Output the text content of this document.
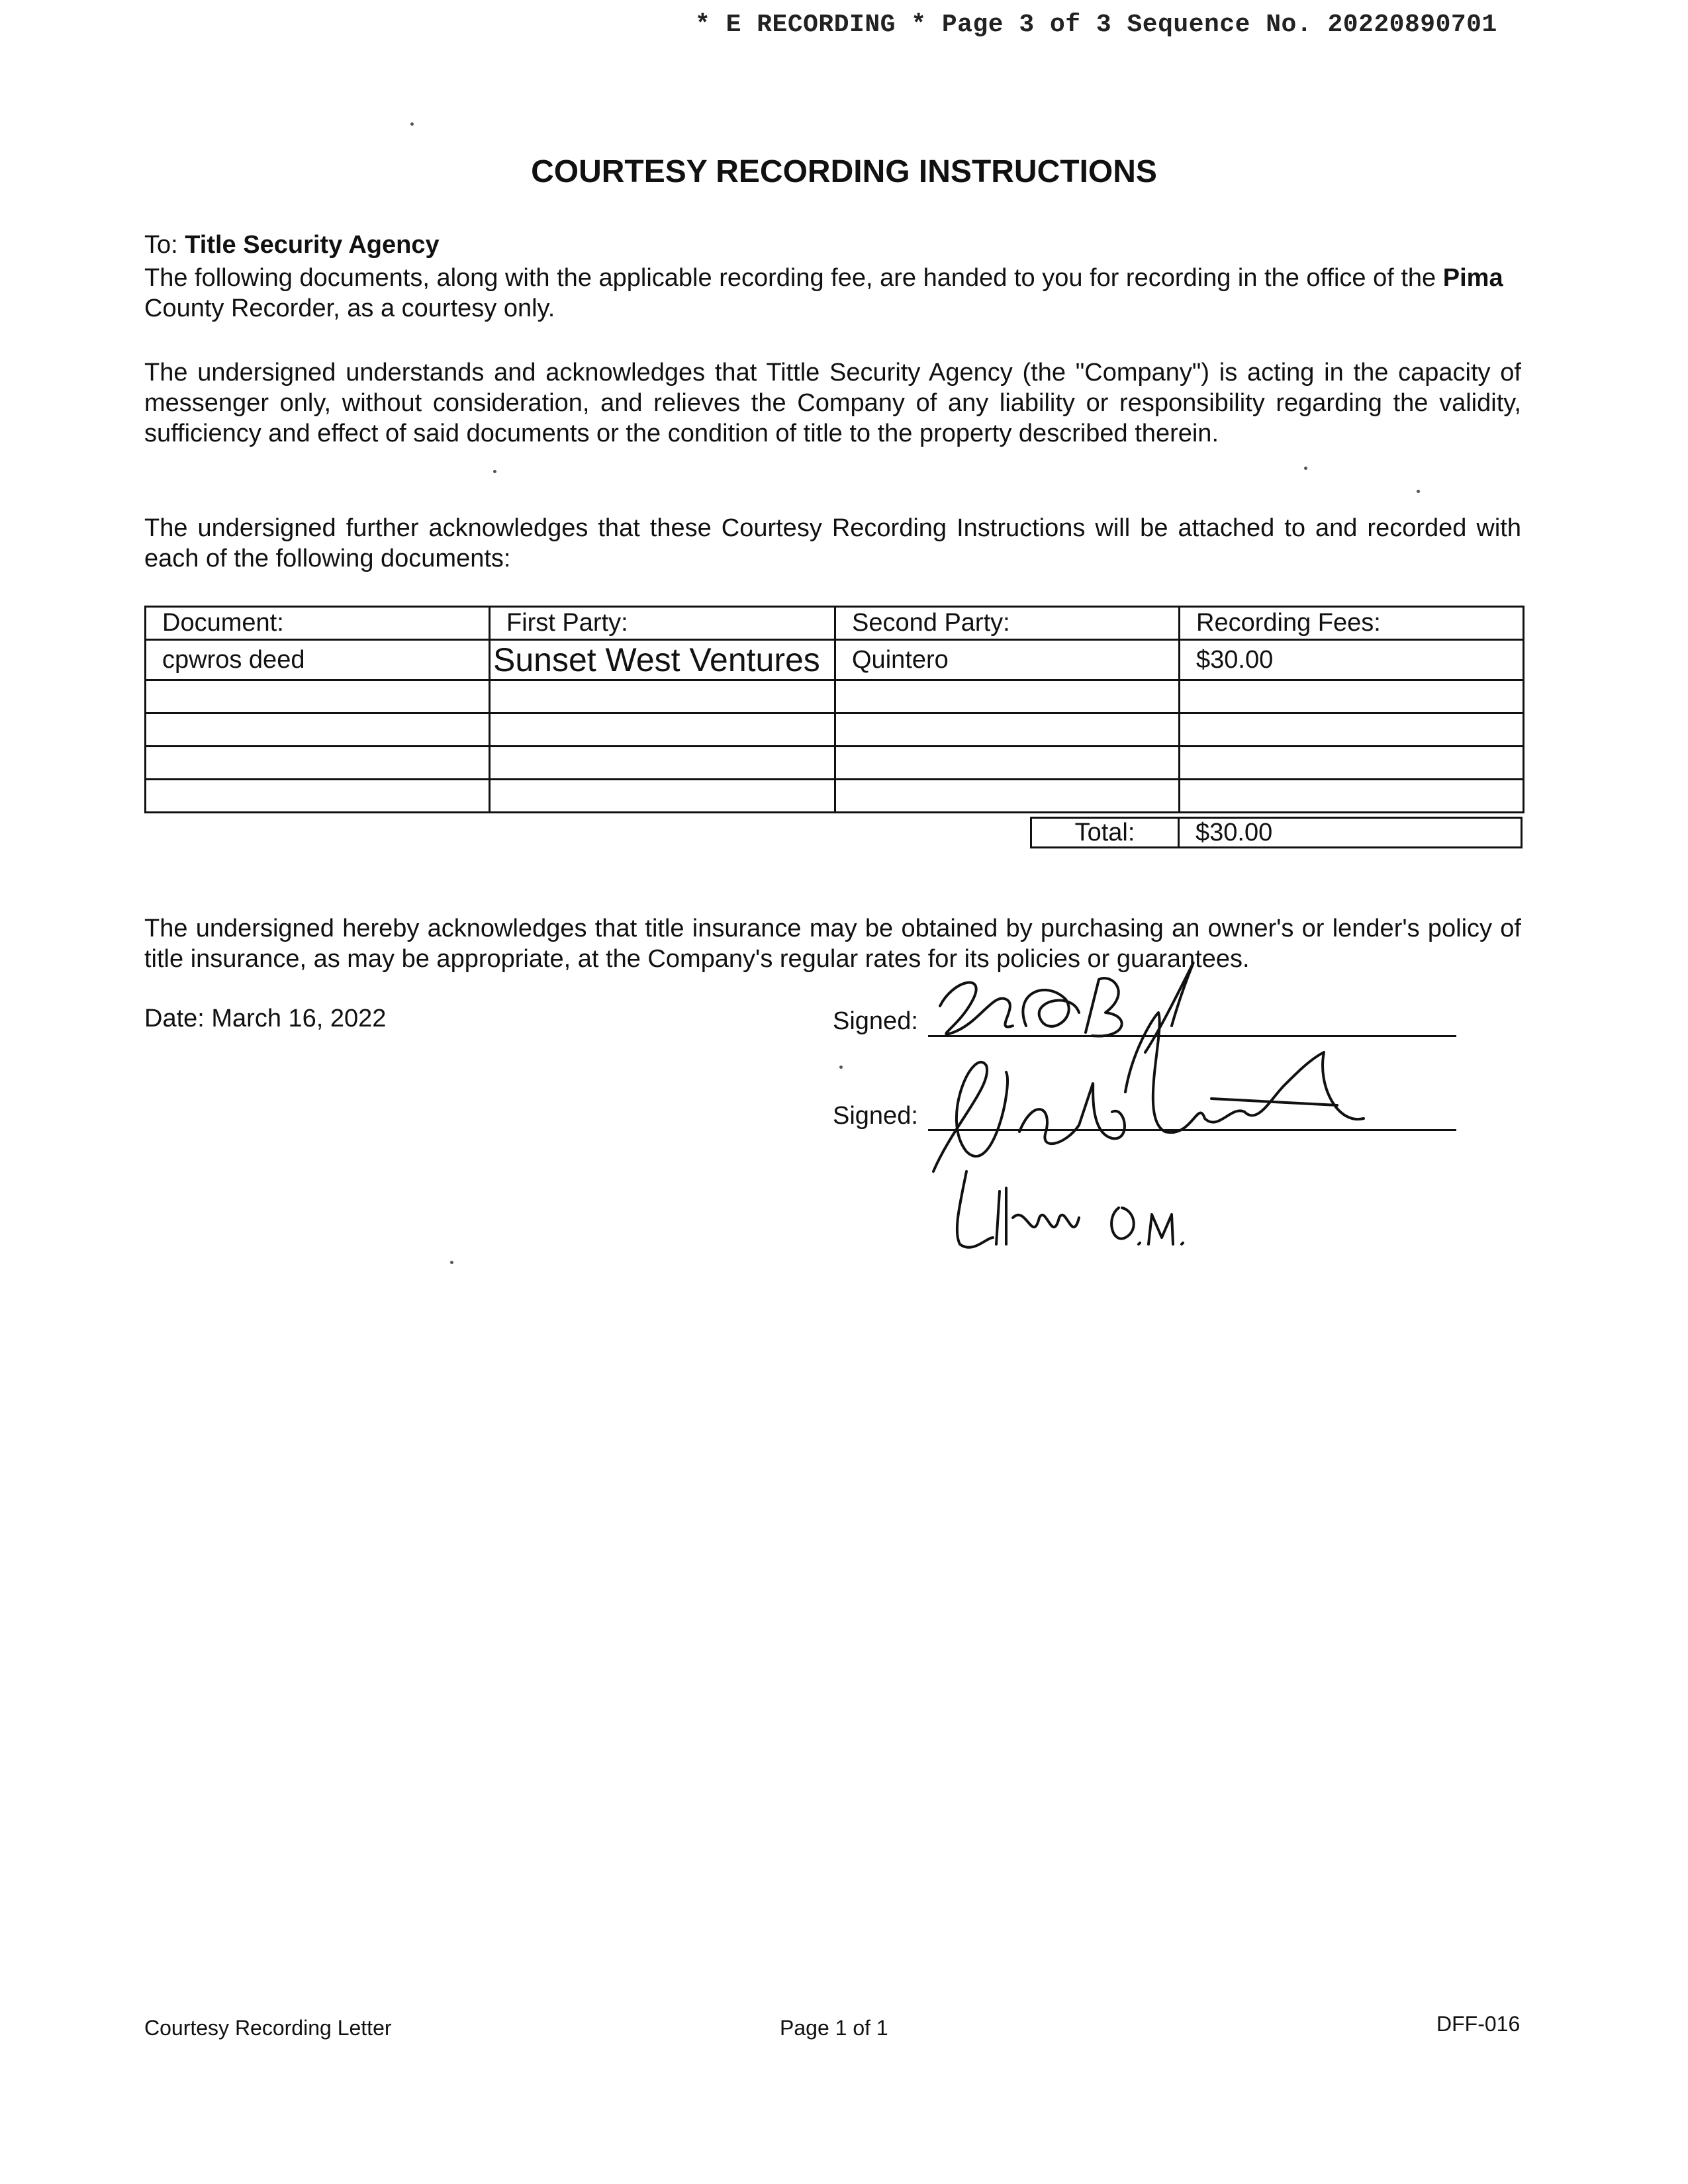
* E RECORDING * Page 3 of 3 Sequence No. 20220890701
COURTESY RECORDING INSTRUCTIONS
To: Title Security Agency
The following documents, along with the applicable recording fee, are handed to you for recording in the office of the Pima County Recorder, as a courtesy only.
The undersigned understands and acknowledges that Tittle Security Agency (the "Company") is acting in the capacity of messenger only, without consideration, and relieves the Company of any liability or responsibility regarding the validity, sufficiency and effect of said documents or the condition of title to the property described therein.
The undersigned further acknowledges that these Courtesy Recording Instructions will be attached to and recorded with each of the following documents:
Document:	First Party:	Second Party:	Recording Fees:
cpwros deed	Sunset West Ventures	Quintero	$30.00

Total:	$30.00
The undersigned hereby acknowledges that title insurance may be obtained by purchasing an owner's or lender's policy of title insurance, as may be appropriate, at the Company's regular rates for its policies or guarantees.
Date: March 16, 2022	Signed:
Signed:
Courtesy Recording Letter	Page 1 of 1	DFF-016
